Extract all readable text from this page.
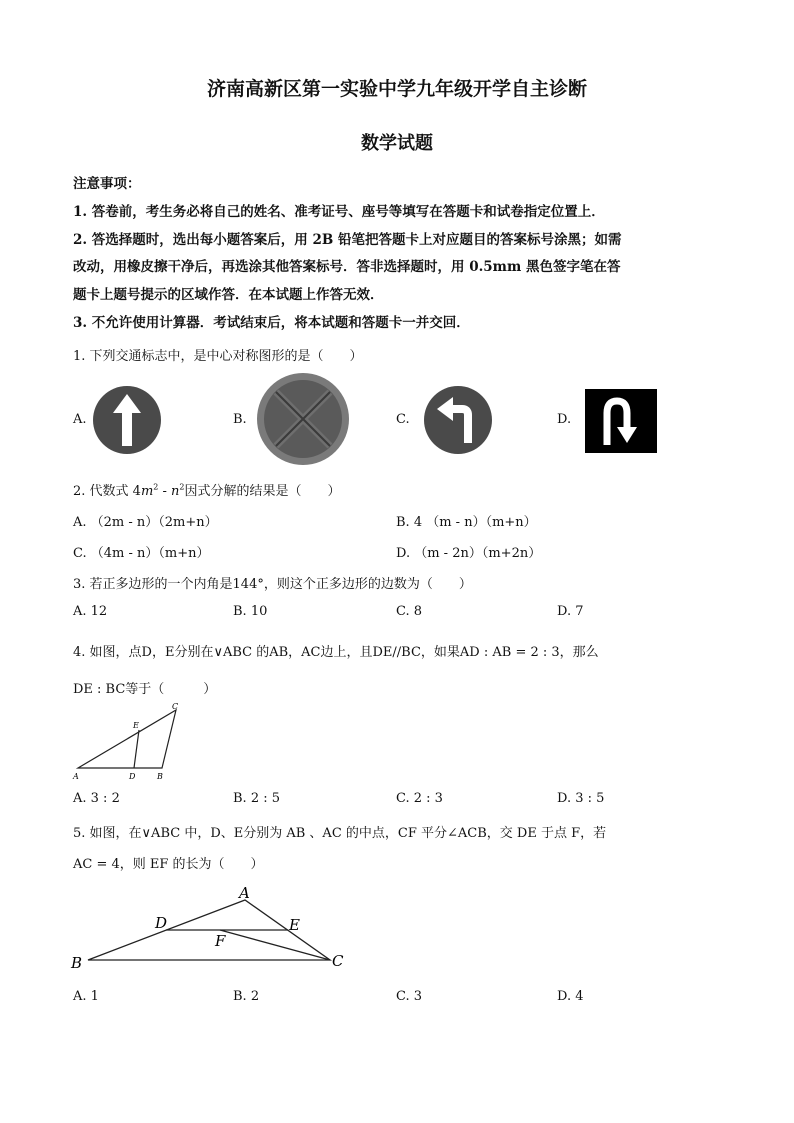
济南高新区第一实验中学九年级开学自主诊断
数学试题
注意事项：
1. 答卷前，考生务必将自己的姓名、准考证号、座号等填写在答题卡和试卷指定位置上．
2. 答选择题时，选出每小题答案后，用 2B 铅笔把答题卡上对应题目的答案标号涂黑；如需
改动，用橡皮擦干净后，再选涂其他答案标号．答非选择题时，用 0.5mm 黑色签字笔在答
题卡上题号提示的区域作答．在本试题上作答无效．
3. 不允许使用计算器．考试结束后，将本试题和答题卡一并交回．
1. 下列交通标志中，是中心对称图形的是（　　）
A.	B.	C.	D.
2. 代数式 $4m^2 - n^2$因式分解的结果是（　　）
A. （2m - n）（2m+n）	B. 4 （m - n）（m+n）
C. （4m - n）（m+n）	D. （m - 2n）（m+2n）
3. 若正多边形的一个内角是144°，则这个正多边形的边数为（　　）
A. 12	B. 10	C. 8	D. 7
4. 如图，点D，E分别在∨ABC 的AB，AC边上，且DE//BC，如果AD : AB = 2 : 3，那么
DE : BC等于（　　　）
A	B
C
D
E
A. 3 : 2	B. 2 : 5	C. 2 : 3	D. 3 : 5
5. 如图，在∨ABC 中，D、E分别为 AB 、AC 的中点，CF 平分∠ACB，交 DE 于点 F，若
AC = 4，则 EF 的长为（　　）
A
B	C
D	E
F
A. 1	B. 2	C. 3	D. 4
